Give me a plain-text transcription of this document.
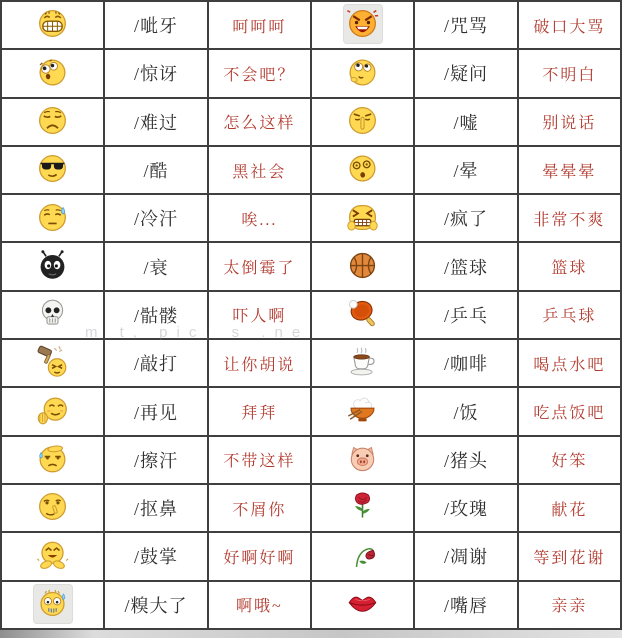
	/呲牙	呵呵呵		/咒骂	破口大骂

	/惊讶	不会吧？		/疑问	不明白

	/难过	怎么这样		/嘘	别说话

	/酷	黑社会		/晕	晕晕晕

	/冷汗	唉...		/疯了	非常不爽

	/衰	太倒霉了		/篮球	篮球

	/骷髅	吓人啊		/乒乓	乒乓球

	/敲打	让你胡说		/咖啡	喝点水吧

	/再见	拜拜		/饭	吃点饭吧

	/擦汗	不带这样		/猪头	好笨

	/抠鼻	不屑你		/玫瑰	献花

	/鼓掌	好啊好啊		/凋谢	等到花谢

	/糗大了	啊哦~		/嘴唇	亲亲
m t, pic, s .ne
